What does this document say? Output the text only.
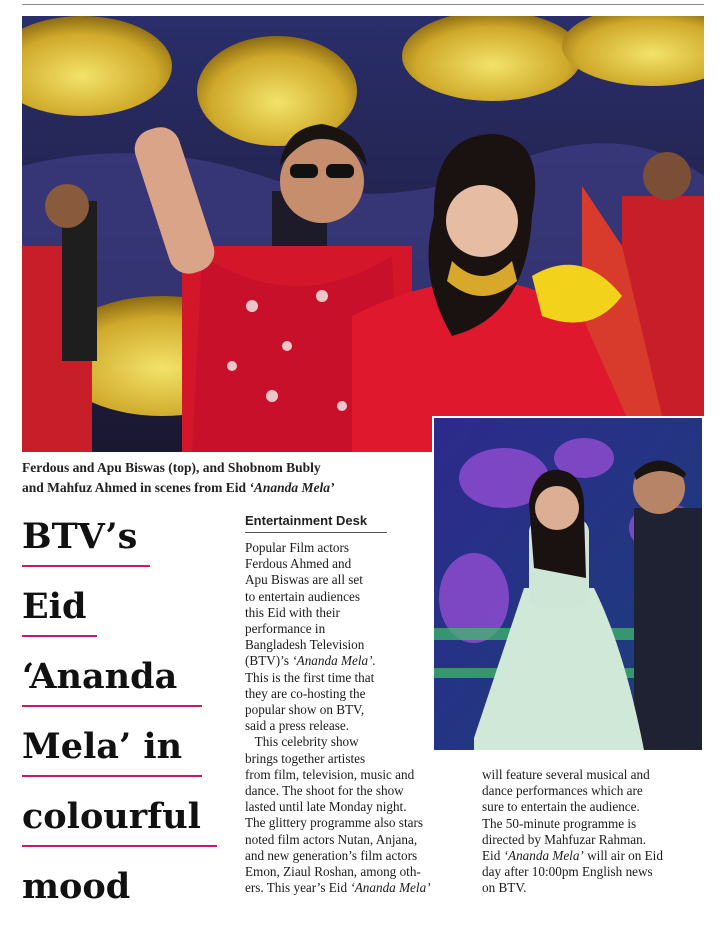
Ferdous and Apu Biswas (top), and Shobnom Bubly
and Mahfuz Ahmed in scenes from Eid ‘Ananda Mela’
BTV’s
Eid
‘Ananda
Mela’ in
colourful
mood
Entertainment Desk
Popular Film actors
Ferdous Ahmed and
Apu Biswas are all set
to entertain audiences
this Eid with their
performance in
Bangladesh Television
(BTV)’s ‘Ananda Mela’.
This is the first time that
they are co-hosting the
popular show on BTV,
said a press release.
This celebrity show
brings together artistes
from film, television, music and
dance. The shoot for the show
lasted until late Monday night.
The glittery programme also stars
noted film actors Nutan, Anjana,
and new generation’s film actors
Emon, Ziaul Roshan, among oth-
ers. This year’s Eid ‘Ananda Mela’
will feature several musical and
dance performances which are
sure to entertain the audience.
The 50-minute programme is
directed by Mahfuzar Rahman.
Eid ‘Ananda Mela’ will air on Eid
day after 10:00pm English news
on BTV.
